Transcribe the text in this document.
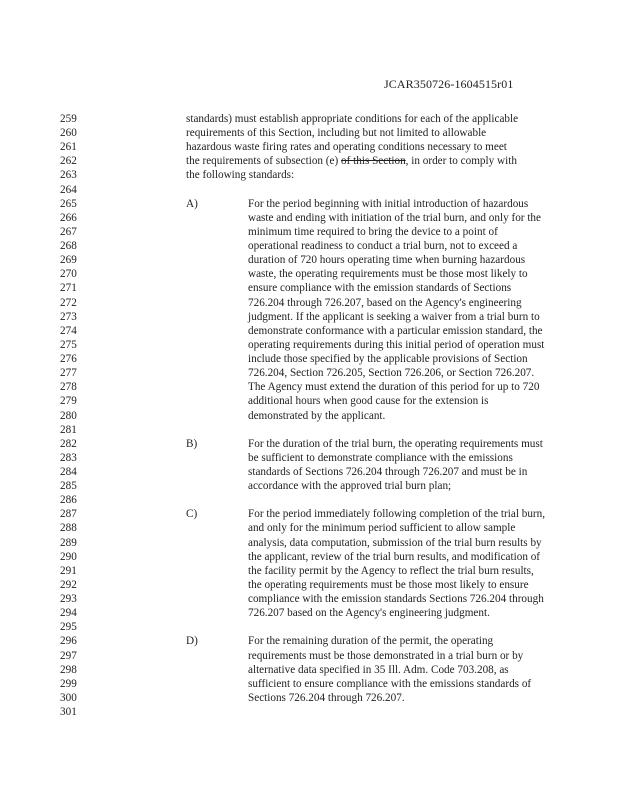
JCAR350726-1604515r01
259	standards) must establish appropriate conditions for each of the applicable
260	requirements of this Section, including but not limited to allowable
261	hazardous waste firing rates and operating conditions necessary to meet
262	the requirements of subsection (e) of this Section, in order to comply with
263	the following standards:
264
265	A)	For the period beginning with initial introduction of hazardous
266	waste and ending with initiation of the trial burn, and only for the
267	minimum time required to bring the device to a point of
268	operational readiness to conduct a trial burn, not to exceed a
269	duration of 720 hours operating time when burning hazardous
270	waste, the operating requirements must be those most likely to
271	ensure compliance with the emission standards of Sections
272	726.204 through 726.207, based on the Agency's engineering
273	judgment. If the applicant is seeking a waiver from a trial burn to
274	demonstrate conformance with a particular emission standard, the
275	operating requirements during this initial period of operation must
276	include those specified by the applicable provisions of Section
277	726.204, Section 726.205, Section 726.206, or Section 726.207.
278	The Agency must extend the duration of this period for up to 720
279	additional hours when good cause for the extension is
280	demonstrated by the applicant.
281
282	B)	For the duration of the trial burn, the operating requirements must
283	be sufficient to demonstrate compliance with the emissions
284	standards of Sections 726.204 through 726.207 and must be in
285	accordance with the approved trial burn plan;
286
287	C)	For the period immediately following completion of the trial burn,
288	and only for the minimum period sufficient to allow sample
289	analysis, data computation, submission of the trial burn results by
290	the applicant, review of the trial burn results, and modification of
291	the facility permit by the Agency to reflect the trial burn results,
292	the operating requirements must be those most likely to ensure
293	compliance with the emission standards Sections 726.204 through
294	726.207 based on the Agency's engineering judgment.
295
296	D)	For the remaining duration of the permit, the operating
297	requirements must be those demonstrated in a trial burn or by
298	alternative data specified in 35 Ill. Adm. Code 703.208, as
299	sufficient to ensure compliance with the emissions standards of
300	Sections 726.204 through 726.207.
301
